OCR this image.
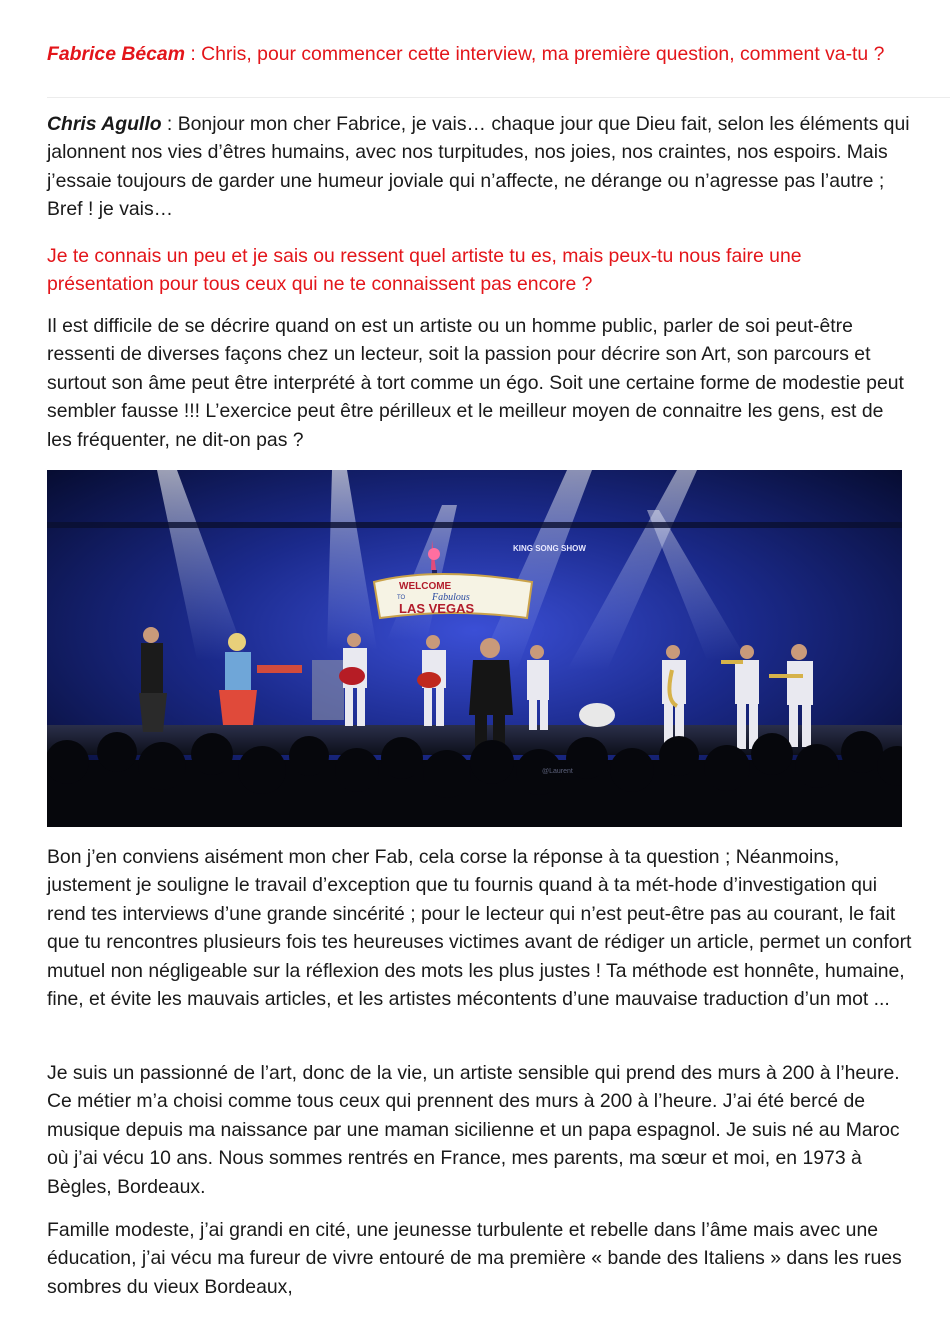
Fabrice Bécam : Chris, pour commencer cette interview, ma première question, comment va-tu ?

Chris Agullo : Bonjour mon cher Fabrice, je vais… chaque jour que Dieu fait, selon les éléments qui jalonnent nos vies d’êtres humains, avec nos turpitudes, nos joies, nos craintes, nos espoirs. Mais j’essaie toujours de garder une humeur joviale qui n’affecte, ne dérange ou n’agresse pas l’autre ; Bref ! je vais…

Je te connais un peu et je sais ou ressent quel artiste tu es, mais peux-tu nous faire une présentation pour tous ceux qui ne te connaissent pas encore ?

Il est difficile de se décrire quand on est un artiste ou un homme public, parler de soi peut-être ressenti de diverses façons chez un lecteur, soit la passion pour décrire son Art, son parcours et surtout son âme peut être interprété à tort comme un égo. Soit une certaine forme de modestie peut sembler fausse !!! L’exercice peut être périlleux et le meilleur moyen de connaitre les gens, est de les fréquenter, ne dit-on pas ?

KING SONG SHOW
WELCOME
TO	Fabulous
LAS VEGAS
@Laurent

Bon j’en conviens aisément mon cher Fab, cela corse la réponse à ta question ; Néanmoins, justement je souligne le travail d’exception que tu fournis quand à ta mét-hode d’investigation qui rend tes interviews d’une grande sincérité ; pour le lecteur qui n’est peut-être pas au courant, le fait que tu rencontres plusieurs fois tes heureuses victimes avant de rédiger un article, permet un confort mutuel non négligeable sur la réflexion des mots les plus justes ! Ta méthode est honnête, humaine, fine, et évite les mauvais articles, et les artistes mécontents d’une mauvaise traduction d’un mot ...

Je suis un passionné de l’art, donc de la vie, un artiste sensible qui prend des murs à 200 à l’heure. Ce métier m’a choisi comme tous ceux qui prennent des murs à 200 à l’heure. J’ai été bercé de musique depuis ma naissance par une maman sicilienne et un papa espagnol. Je suis né au Maroc où j’ai vécu 10 ans. Nous sommes rentrés en France, mes parents, ma sœur et moi, en 1973 à Bègles, Bordeaux.

Famille modeste, j’ai grandi en cité, une jeunesse turbulente et rebelle dans l’âme mais avec une éducation, j’ai vécu ma fureur de vivre entouré de ma première « bande des Italiens » dans les rues sombres du vieux Bordeaux,
